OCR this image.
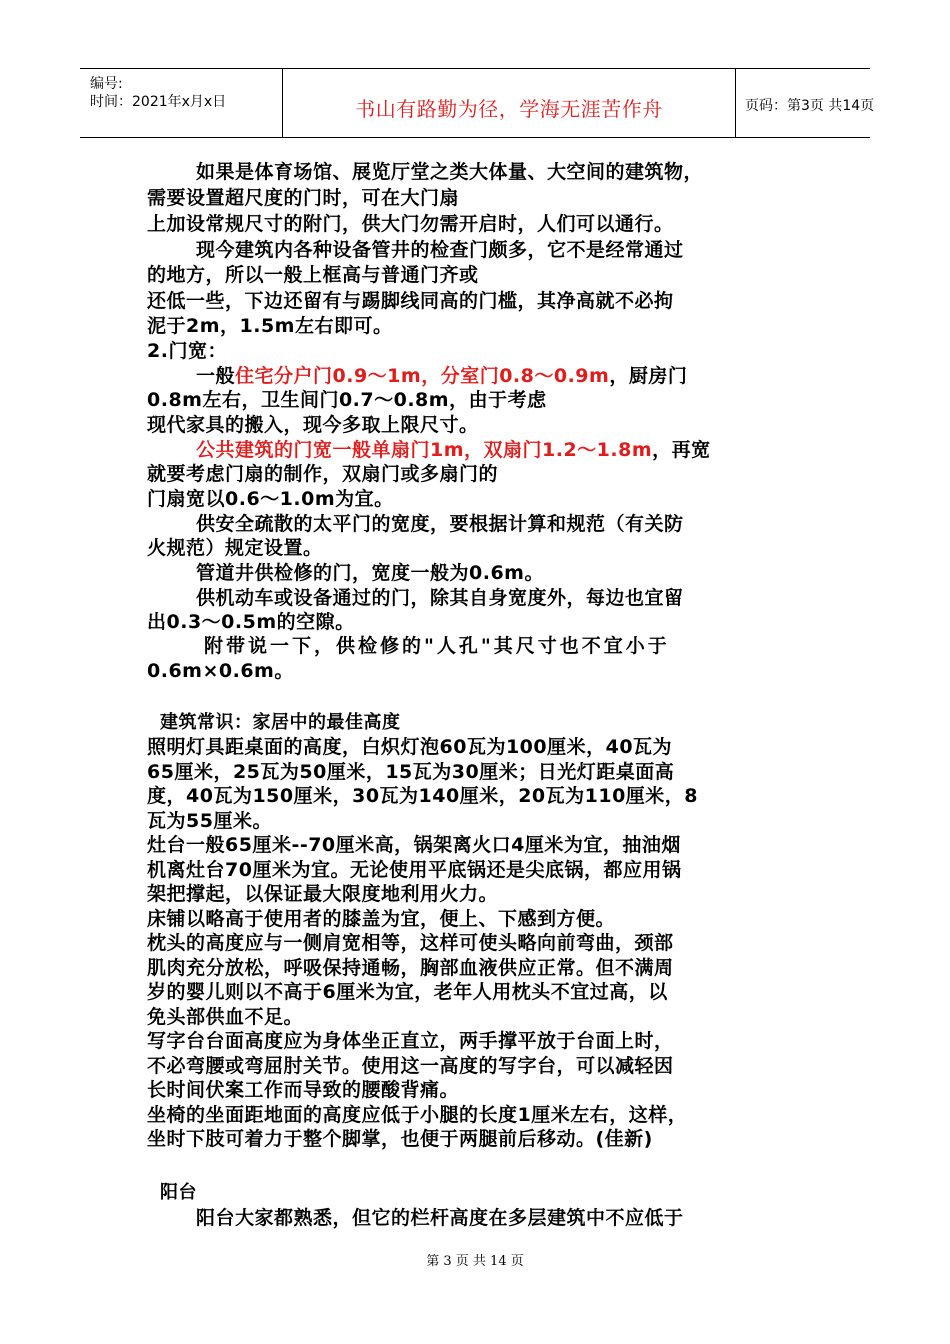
编号:
时间：2021年x月x日	书山有路勤为径，学海无涯苦作舟	页码：第3页 共14页
如果是体育场馆、展览厅堂之类大体量、大空间的建筑物，
需要设置超尺度的门时，可在大门扇
上加设常规尺寸的附门，供大门勿需开启时，人们可以通行。
现今建筑内各种设备管井的检查门颇多，它不是经常通过
的地方，所以一般上框高与普通门齐或
还低一些，下边还留有与踢脚线同高的门槛，其净高就不必拘
泥于2m，1.5m左右即可。
2.门宽：
一般住宅分户门0.9～1m，分室门0.8～0.9m，厨房门
0.8m左右，卫生间门0.7～0.8m，由于考虑
现代家具的搬入，现今多取上限尺寸。
公共建筑的门宽一般单扇门1m，双扇门1.2～1.8m，再宽
就要考虑门扇的制作，双扇门或多扇门的
门扇宽以0.6～1.0m为宜。
供安全疏散的太平门的宽度，要根据计算和规范（有关防
火规范）规定设置。
管道井供检修的门，宽度一般为0.6m。
供机动车或设备通过的门，除其自身宽度外，每边也宜留
出0.3～0.5m的空隙。
附带说一下，供检修的"人孔"其尺寸也不宜小于
0.6m×0.6m。
建筑常识：家居中的最佳高度
照明灯具距桌面的高度，白炽灯泡60瓦为100厘米，40瓦为
65厘米，25瓦为50厘米，15瓦为30厘米；日光灯距桌面高
度，40瓦为150厘米，30瓦为140厘米，20瓦为110厘米，8
瓦为55厘米。
灶台一般65厘米--70厘米高，锅架离火口4厘米为宜，抽油烟
机离灶台70厘米为宜。无论使用平底锅还是尖底锅，都应用锅
架把撑起，以保证最大限度地利用火力。
床铺以略高于使用者的膝盖为宜，便上、下感到方便。
枕头的高度应与一侧肩宽相等，这样可使头略向前弯曲，颈部
肌肉充分放松，呼吸保持通畅，胸部血液供应正常。但不满周
岁的婴儿则以不高于6厘米为宜，老年人用枕头不宜过高，以
免头部供血不足。
写字台台面高度应为身体坐正直立，两手撑平放于台面上时，
不必弯腰或弯屈肘关节。使用这一高度的写字台，可以减轻因
长时间伏案工作而导致的腰酸背痛。
坐椅的坐面距地面的高度应低于小腿的长度1厘米左右，这样，
坐时下肢可着力于整个脚掌，也便于两腿前后移动。(佳新)
阳台
阳台大家都熟悉，但它的栏杆高度在多层建筑中不应低于
第 3 页 共 14 页
